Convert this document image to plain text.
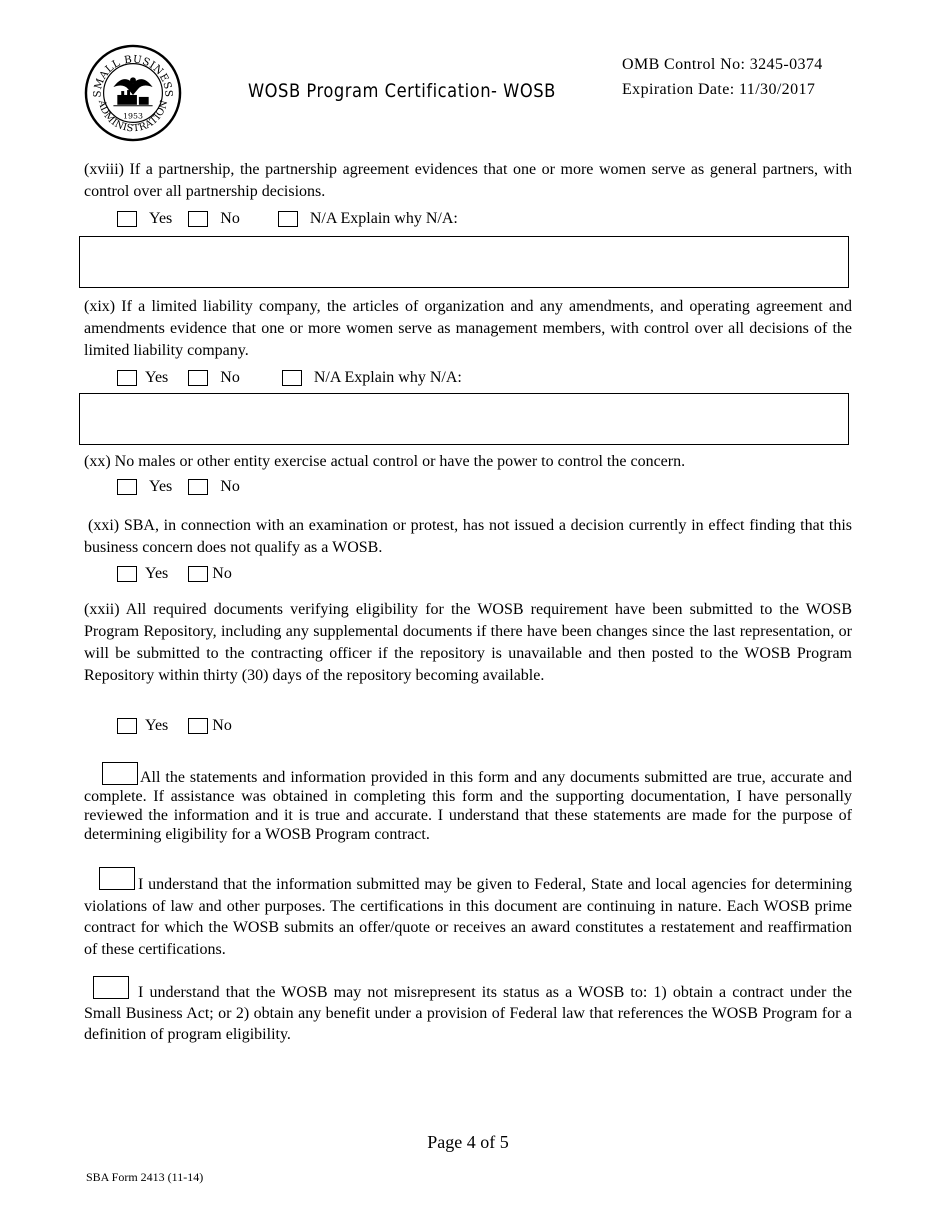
SMALL BUSINESS
ADMINISTRATION
1953
WOSB Program Certification- WOSB
OMB Control No: 3245-0374
Expiration Date: 11/30/2017
(xviii) If a partnership, the partnership agreement evidences that one or more women serve as general partners, with control over all partnership decisions.
Yes	No	N/A Explain why N/A:
(xix) If a limited liability company, the articles of organization and any amendments, and operating agreement and amendments evidence that one or more women serve as management members, with control over all decisions of the limited liability company.
Yes	No	N/A Explain why N/A:
(xx) No males or other entity exercise actual control or have the power to control the concern.
Yes	No
(xxi) SBA, in connection with an examination or protest, has not issued a decision currently in effect finding that this business concern does not qualify as a WOSB.
Yes	No
(xxii) All required documents verifying eligibility for the WOSB requirement have been submitted to the WOSB Program Repository, including any supplemental documents if there have been changes since the last representation, or will be submitted to the contracting officer if the repository is unavailable and then posted to the WOSB Program Repository within thirty (30) days of the repository becoming available.
Yes	No
All the statements and information provided in this form and any documents submitted are true, accurate and complete. If assistance was obtained in completing this form and the supporting documentation, I have personally reviewed the information and it is true and accurate. I understand that these statements are made for the purpose of determining eligibility for a WOSB Program contract.
I understand that the information submitted may be given to Federal, State and local agencies for determining violations of law and other purposes. The certifications in this document are continuing in nature. Each WOSB prime contract for which the WOSB submits an offer/quote or receives an award constitutes a restatement and reaffirmation of these certifications.
I understand that the WOSB may not misrepresent its status as a WOSB to: 1) obtain a contract under the Small Business Act; or 2) obtain any benefit under a provision of Federal law that references the WOSB Program for a definition of program eligibility.
Page 4 of 5
SBA Form 2413 (11-14)
